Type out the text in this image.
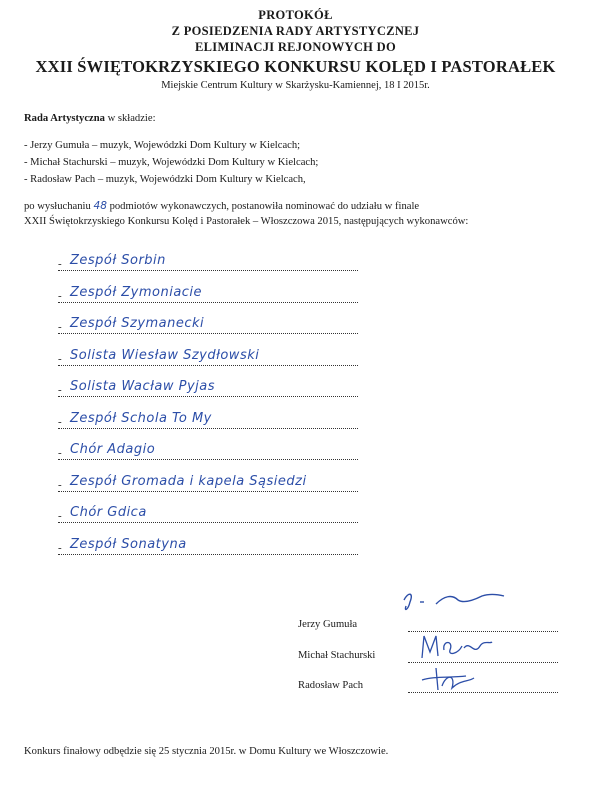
PROTOKÓŁ
Z POSIEDZENIA RADY ARTYSTYCZNEJ
ELIMINACJI REJONOWYCH DO
XXII ŚWIĘTOKRZYSKIEGO KONKURSU KOLĘD I PASTORAŁEK
Miejskie Centrum Kultury w Skarżysku-Kamiennej, 18 I 2015r.
Rada Artystyczna w składzie:
- Jerzy Gumuła – muzyk, Wojewódzki Dom Kultury w Kielcach;
- Michał Stachurski – muzyk, Wojewódzki Dom Kultury w Kielcach;
- Radosław Pach – muzyk, Wojewódzki Dom Kultury w Kielcach,
po wysłuchaniu 48 podmiotów wykonawczych, postanowiła nominować do udziału w finale
XXII Świętokrzyskiego Konkursu Kolęd i Pastorałek – Włoszczowa 2015, następujących wykonawców:
- Zespół Sorbin
- Zespół Zymoniacie
- Zespół Szymanecki
- Solista Wiesław Szydłowski
- Solista Wacław Pyjas
- Zespół Schola To My
- Chór Adagio
- Zespół Gromada i kapela Sąsiedzi
- Chór Gdica
- Zespół Sonatyna
Jerzy Gumuła
Michał Stachurski
Radosław Pach
Konkurs finałowy odbędzie się 25 stycznia 2015r. w Domu Kultury we Włoszczowie.
